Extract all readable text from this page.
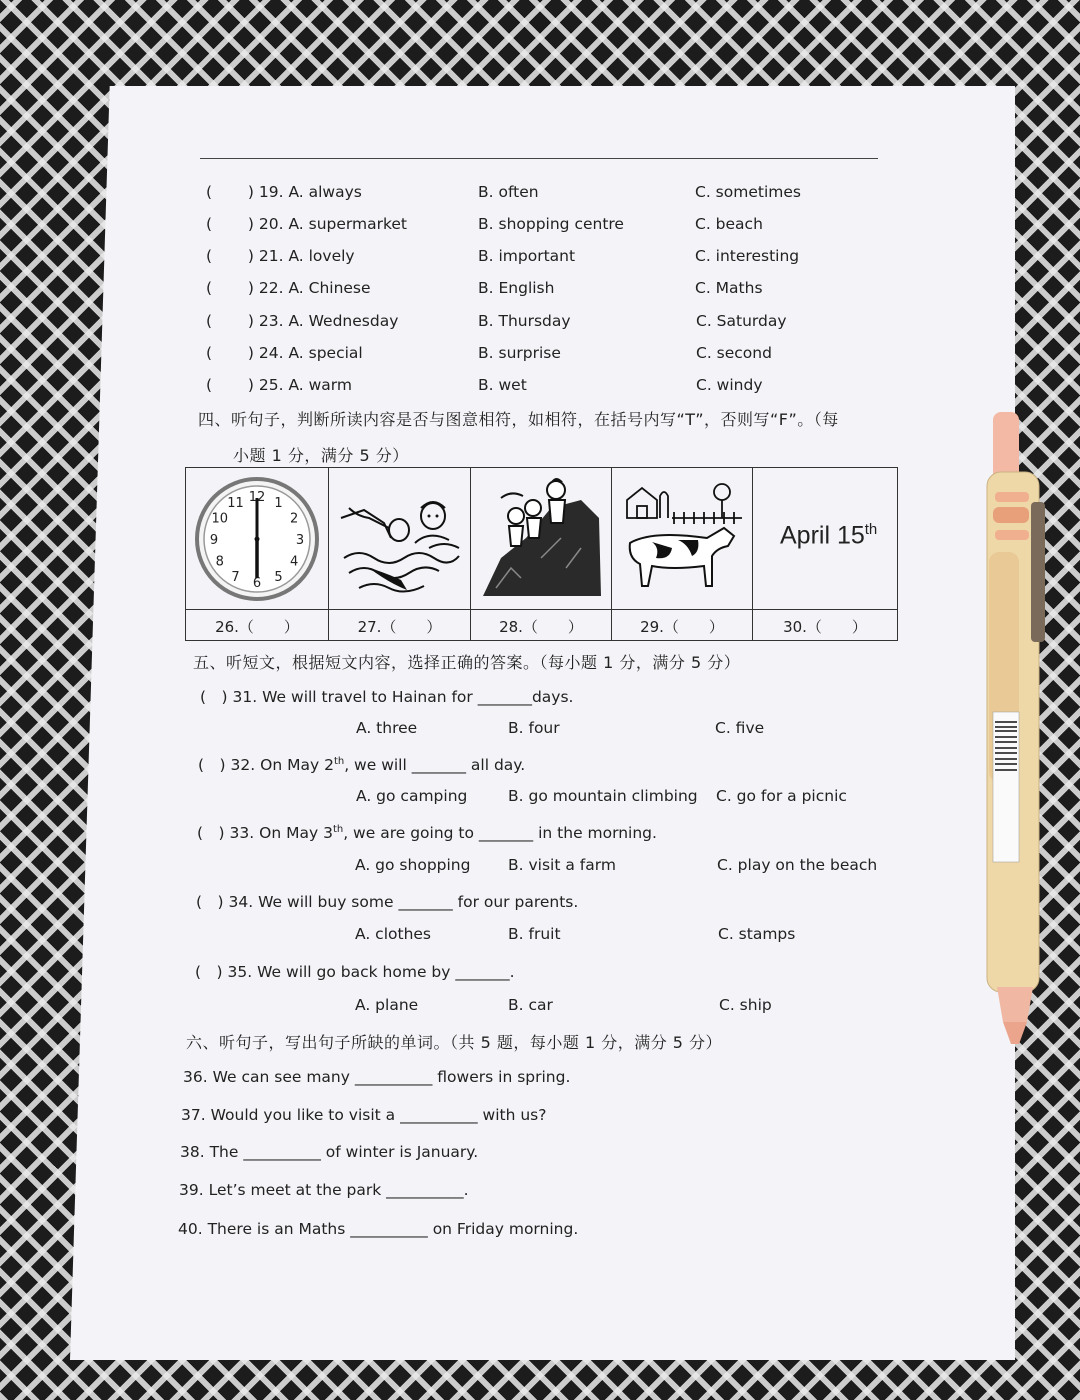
( ) 19. A. always	B. often	C. sometimes
( ) 20. A. supermarket	B. shopping centre	C. beach
( ) 21. A. lovely	B. important	C. interesting
( ) 22. A. Chinese	B. English	C. Maths
( ) 23. A. Wednesday	B. Thursday	C. Saturday
( ) 24. A. special	B. surprise	C. second
( ) 25. A. warm	B. wet	C. windy
四、听句子，判断所读内容是否与图意相符，如相符，在括号内写“T”，否则写“F”。（每
小题 1 分，满分 5 分）
12 1
2
3
4
5
6
7
8
9
10
11
April 15th
26.（　　）	27.（　　）	28.（　　）	29.（　　）	30.（　　）
五、听短文，根据短文内容，选择正确的答案。（每小题 1 分，满分 5 分）
(　) 31. We will travel to Hainan for _______days.
A. three	B. four	C. five
(　) 32. On May 2th, we will _______ all day.
A. go camping	B. go mountain climbing C. go for a picnic
(　) 33. On May 3th, we are going to _______ in the morning.
A. go shopping B. visit a farm	C. play on the beach
(　) 34. We will buy some _______ for our parents.
A. clothes	B. fruit	C. stamps
(　) 35. We will go back home by _______.
A. plane	B. car	C. ship
六、听句子，写出句子所缺的单词。（共 5 题，每小题 1 分，满分 5 分）
36. We can see many __________ flowers in spring.
37. Would you like to visit a __________ with us?
38. The __________ of winter is January.
39. Let’s meet at the park __________.
40. There is an Maths __________ on Friday morning.
